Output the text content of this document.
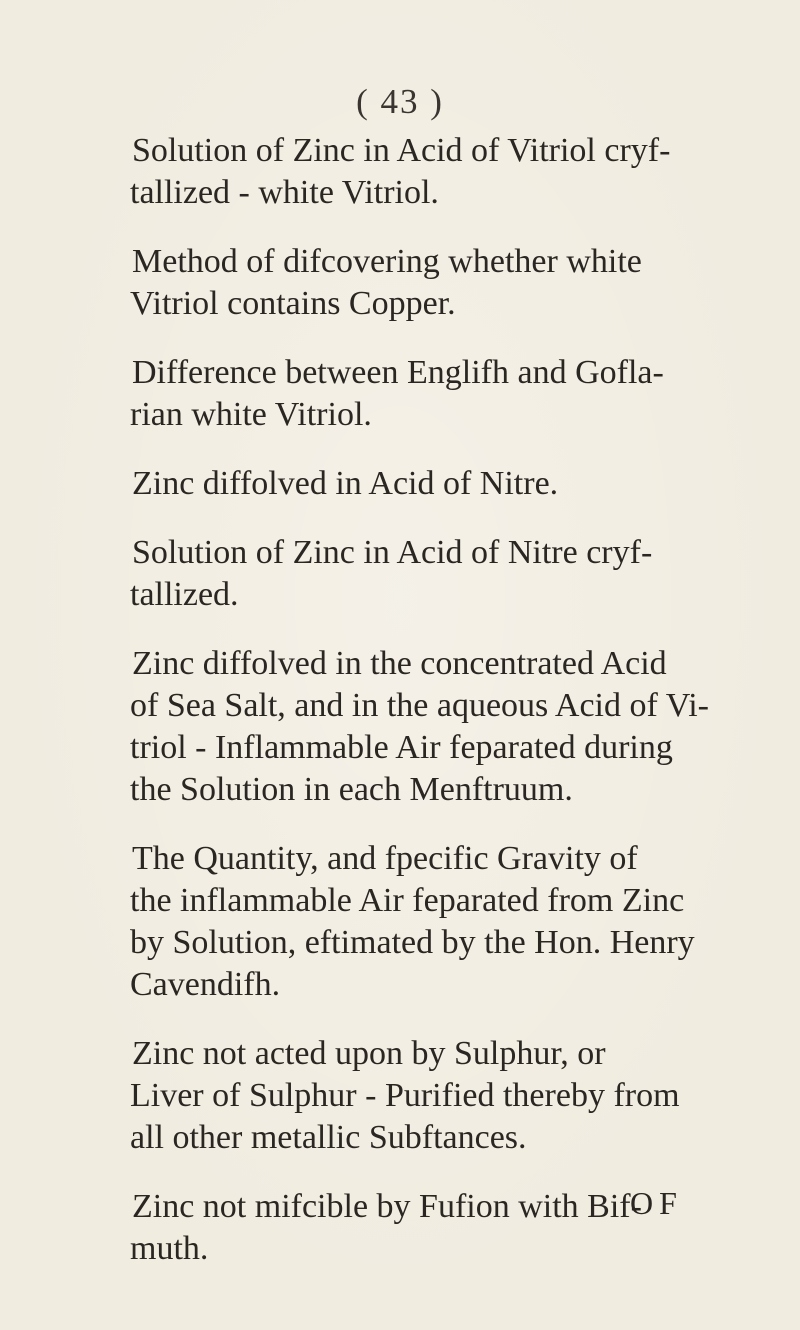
( 43 )
Solution of Zinc in Acid of Vitriol cryf-
tallized - white Vitriol.
Method of difcovering whether white
Vitriol contains Copper.
Difference between Englifh and Gofla-
rian white Vitriol.
Zinc diffolved in Acid of Nitre.
Solution of Zinc in Acid of Nitre cryf-
tallized.
Zinc diffolved in the concentrated Acid
of Sea Salt, and in the aqueous Acid of Vi-
triol - Inflammable Air feparated during
the Solution in each Menftruum.
The Quantity, and fpecific Gravity of
the inflammable Air feparated from Zinc
by Solution, eftimated by the Hon. Henry
Cavendifh.
Zinc not acted upon by Sulphur, or
Liver of Sulphur - Purified thereby from
all other metallic Subftances.
Zinc not mifcible by Fufion with Bif-
muth.
OF
